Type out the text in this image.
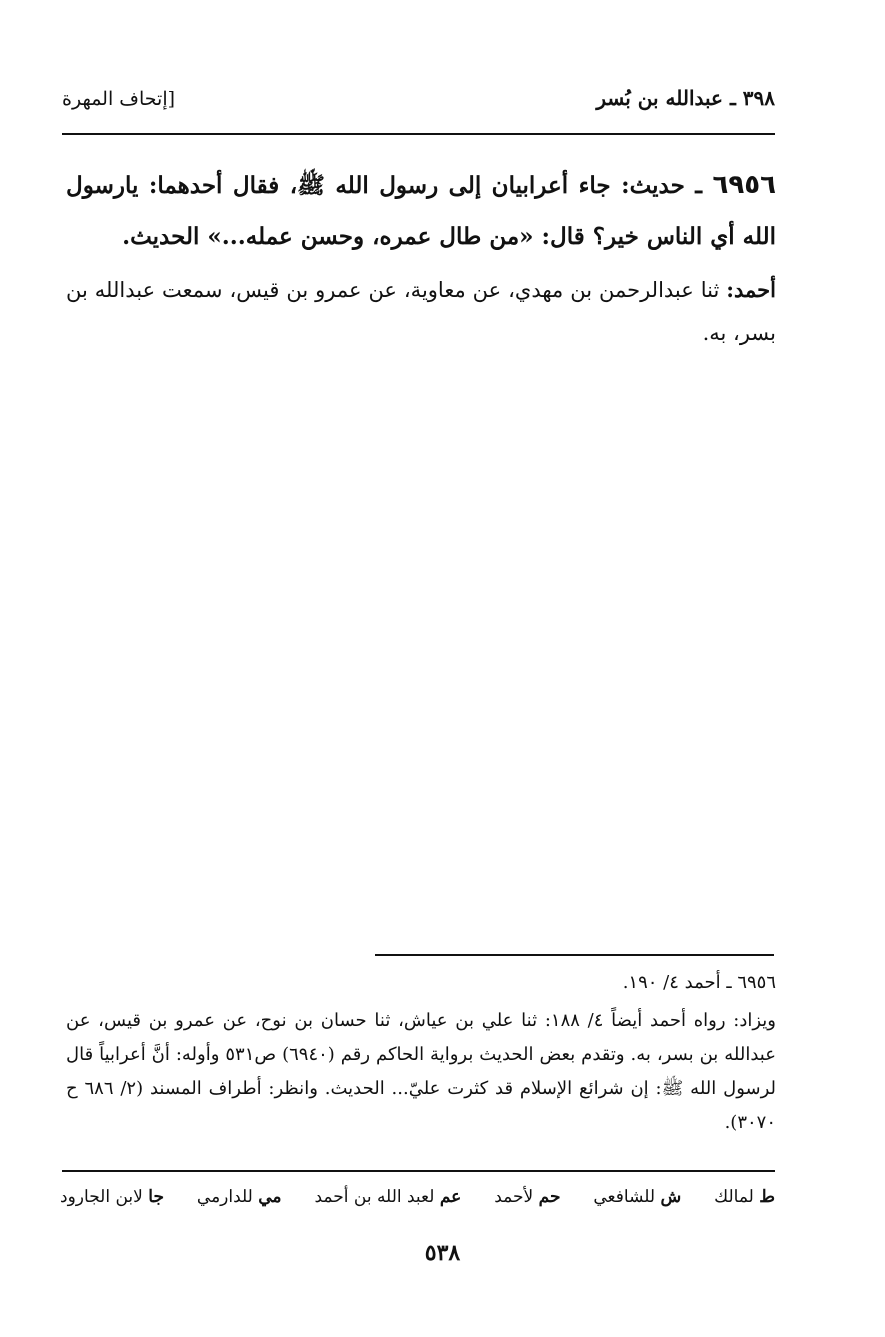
٣٩٨ ـ عبدالله بن بُسر
[إتحاف المهرة

٦٩٥٦ ـ حديث: جاء أعرابيان إلى رسول الله ﷺ، فقال أحدهما: يارسول الله أي الناس خير؟ قال: «من طال عمره، وحسن عمله...» الحديث.

أحمد: ثنا عبدالرحمن بن مهدي، عن معاوية، عن عمرو بن قيس، سمعت عبدالله بن بسر، به.

٦٩٥٦ ـ أحمد ٤/ ١٩٠.

ويزاد: رواه أحمد أيضاً ٤/ ١٨٨: ثنا علي بن عياش، ثنا حسان بن نوح، عن عمرو بن قيس، عن عبدالله بن بسر، به. وتقدم بعض الحديث برواية الحاكم رقم (٦٩٤٠) ص٥٣١ وأوله: أنَّ أعرابياً قال لرسول الله ﷺ: إن شرائع الإسلام قد كثرت عليّ... الحديث. وانظر: أطراف المسند (٢/ ٦٨٦ ح ٣٠٧٠).

ط لمالك
ش للشافعي
حم لأحمد
عم لعبد الله بن أحمد
مي للدارمي
جا لابن الجارود
٥٣٨
